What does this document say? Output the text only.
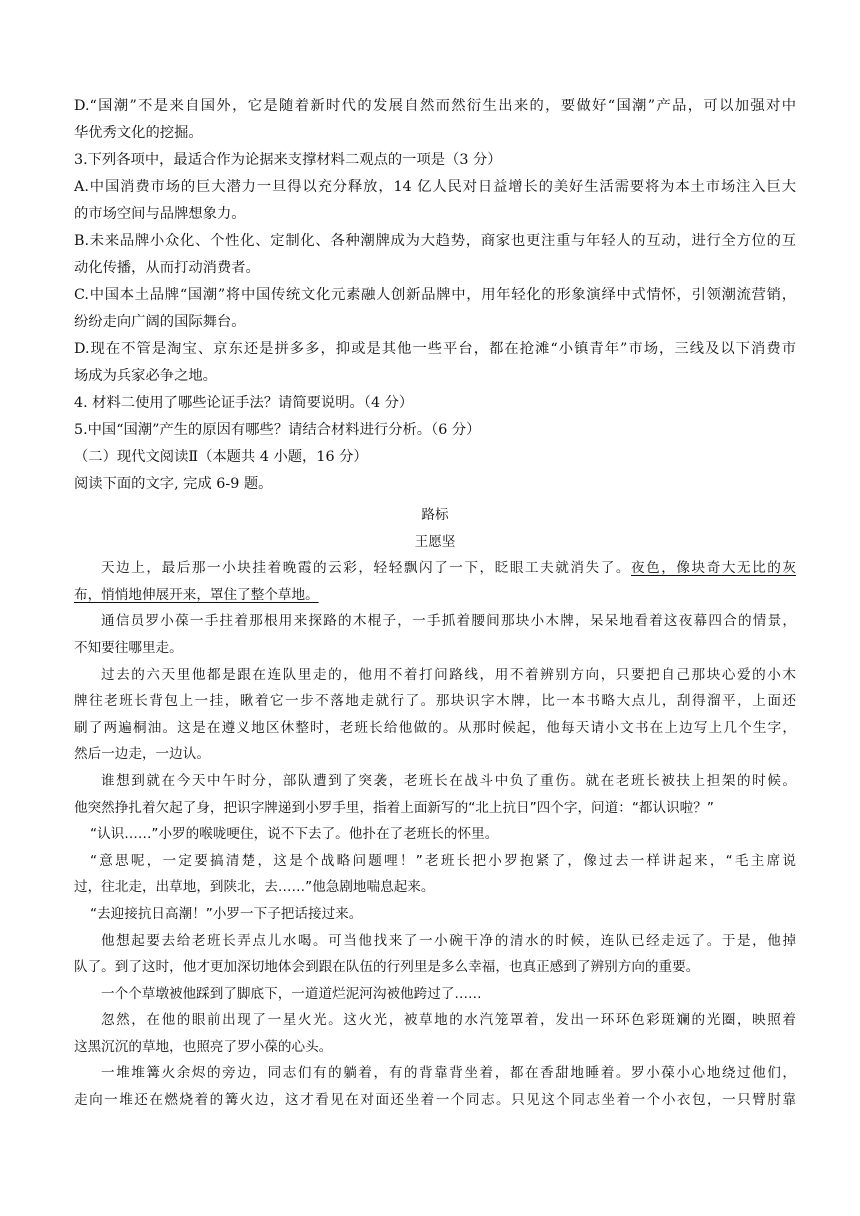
D.“国潮”不是来自国外，它是随着新时代的发展自然而然衍生出来的，要做好“国潮”产品，可以加强对中

华优秀文化的挖掘。

3.下列各项中，最适合作为论据来支撑材料二观点的一项是（3 分）

A.中国消费市场的巨大潜力一旦得以充分释放，14 亿人民对日益增长的美好生活需要将为本土市场注入巨大

的市场空间与品牌想象力。

B.未来品牌小众化、个性化、定制化、各种潮牌成为大趋势，商家也更注重与年轻人的互动，进行全方位的互

动化传播，从而打动消费者。

C.中国本土品牌“国潮”将中国传统文化元素融人创新品牌中，用年轻化的形象演绎中式情怀，引领潮流营销，

纷纷走向广阔的国际舞台。

D.现在不管是淘宝、京东还是拼多多，抑或是其他一些平台，都在抢滩“小镇青年”市场，三线及以下消费市

场成为兵家必争之地。

4. 材料二使用了哪些论证手法？请简要说明。（4 分）

5.中国“国潮”产生的原因有哪些？请结合材料进行分析。（6 分）

（二）现代文阅读Ⅱ（本题共 4 小题，16 分）

阅读下面的文字, 完成 6-9 题。

路标

王愿坚

天边上，最后那一小块挂着晚霞的云彩，轻轻飘闪了一下，眨眼工夫就消失了。夜色，像块奇大无比的灰

布，悄悄地伸展开来，罩住了整个草地。

通信员罗小葆一手拄着那根用来探路的木棍子，一手抓着腰间那块小木牌，呆呆地看着这夜幕四合的情景，

不知要往哪里走。

过去的六天里他都是跟在连队里走的，他用不着打问路线，用不着辨别方向，只要把自己那块心爱的小木

牌往老班长背包上一挂，瞅着它一步不落地走就行了。那块识字木牌，比一本书略大点儿，刮得溜平，上面还

刷了两遍桐油。这是在遵义地区休整时，老班长给他做的。从那时候起，他每天请小文书在上边写上几个生字，

然后一边走，一边认。

谁想到就在今天中午时分，部队遭到了突袭，老班长在战斗中负了重伤。就在老班长被扶上担架的时候。

他突然挣扎着欠起了身，把识字牌递到小罗手里，指着上面新写的“北上抗日”四个字，问道：“都认识啦？”

“认识……”小罗的喉咙哽住，说不下去了。他扑在了老班长的怀里。

“意思呢，一定要搞清楚，这是个战略问题哩！”老班长把小罗抱紧了，像过去一样讲起来，“毛主席说

过，往北走，出草地，到陕北，去……”他急剧地喘息起来。

“去迎接抗日高潮！”小罗一下子把话接过来。

他想起要去给老班长弄点儿水喝。可当他找来了一小碗干净的清水的时候，连队已经走远了。于是，他掉

队了。到了这时，他才更加深切地体会到跟在队伍的行列里是多么幸福，也真正感到了辨别方向的重要。

一个个草墩被他踩到了脚底下，一道道烂泥河沟被他跨过了……

忽然，在他的眼前出现了一星火光。这火光，被草地的水汽笼罩着，发出一环环色彩斑斓的光圈，映照着

这黑沉沉的草地，也照亮了罗小葆的心头。

一堆堆篝火余烬的旁边，同志们有的躺着，有的背靠背坐着，都在香甜地睡着。罗小葆小心地绕过他们，

走向一堆还在燃烧着的篝火边，这才看见在对面还坐着一个同志。只见这个同志坐着一个小衣包，一只臂肘靠
